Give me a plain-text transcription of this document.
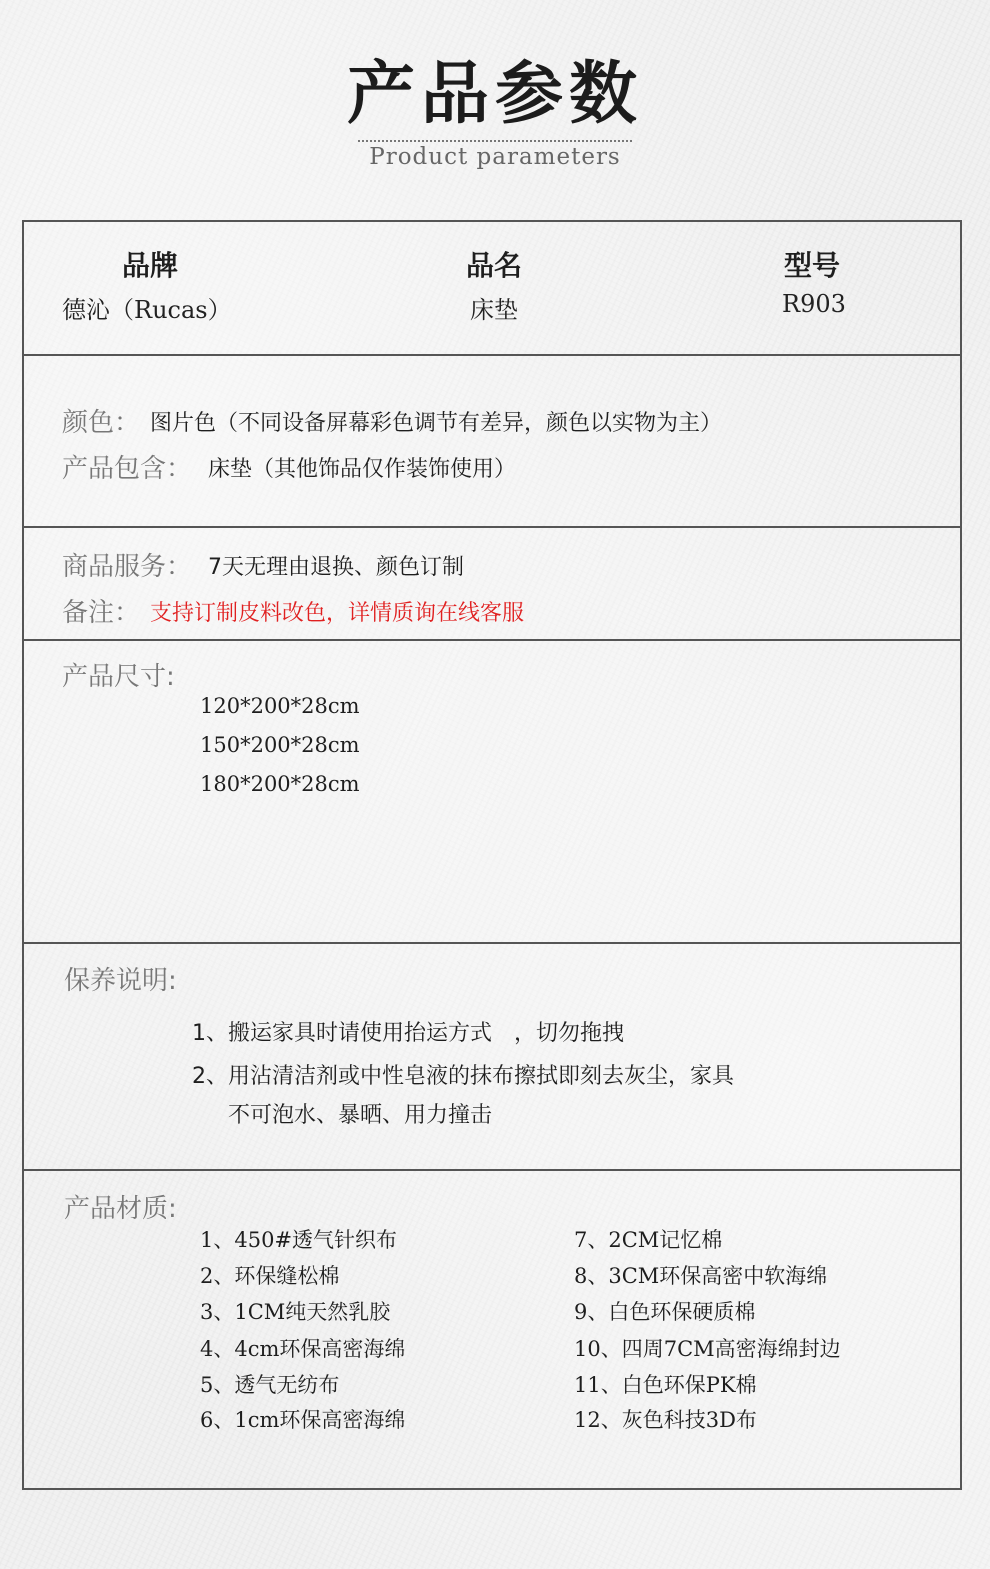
产品参数
Product parameters
品牌
德沁（Rucas）
品名
床垫
型号
R903
颜色： 图片色（不同设备屏幕彩色调节有差异，颜色以实物为主）
产品包含： 床垫（其他饰品仅作装饰使用）
商品服务： 7天无理由退换、颜色订制
备注： 支持订制皮料改色，详情质询在线客服
产品尺寸:
120*200*28cm
150*200*28cm
180*200*28cm
保养说明:
1、搬运家具时请使用抬运方式　，切勿拖拽
2、用沾清洁剂或中性皂液的抹布擦拭即刻去灰尘，家具
不可泡水、暴晒、用力撞击
产品材质:
1、450#透气针织布
2、环保缝松棉
3、1CM纯天然乳胶
4、4cm环保高密海绵
5、透气无纺布
6、1cm环保高密海绵
7、2CM记忆棉
8、3CM环保高密中软海绵
9、白色环保硬质棉
10、四周7CM高密海绵封边
11、白色环保PK棉
12、灰色科技3D布
